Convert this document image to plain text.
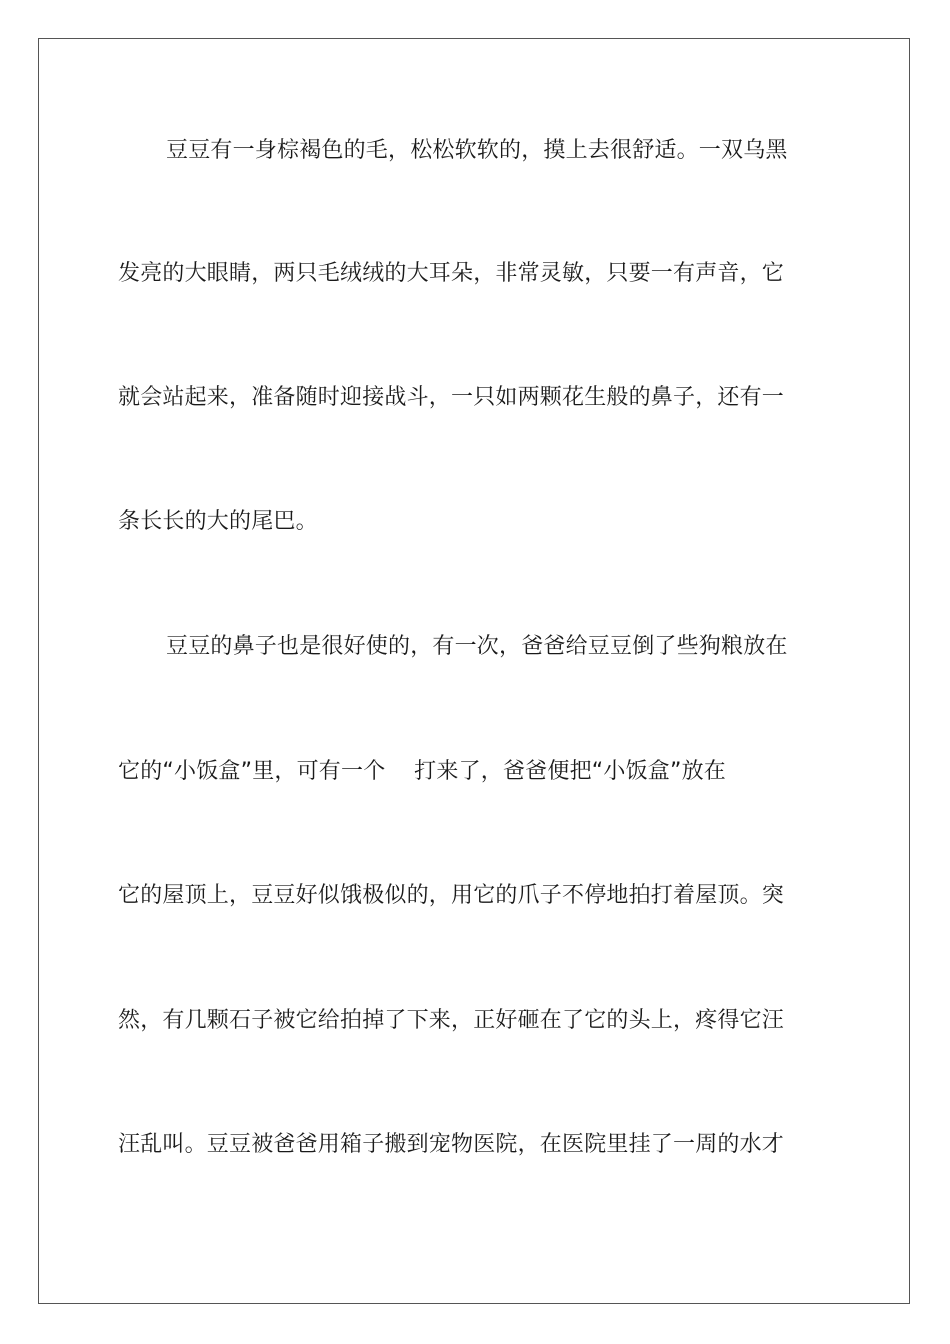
豆豆有一身棕褐色的毛，松松软软的，摸上去很舒适。一双乌黑
发亮的大眼睛，两只毛绒绒的大耳朵，非常灵敏，只要一有声音，它
就会站起来，准备随时迎接战斗，一只如两颗花生般的鼻子，还有一
条长长的大的尾巴。
豆豆的鼻子也是很好使的，有一次，爸爸给豆豆倒了些狗粮放在
它的“小饭盒”里，可有一个    打来了，爸爸便把“小饭盒”放在
它的屋顶上，豆豆好似饿极似的，用它的爪子不停地拍打着屋顶。突
然，有几颗石子被它给拍掉了下来，正好砸在了它的头上，疼得它汪
汪乱叫。豆豆被爸爸用箱子搬到宠物医院，在医院里挂了一周的水才
